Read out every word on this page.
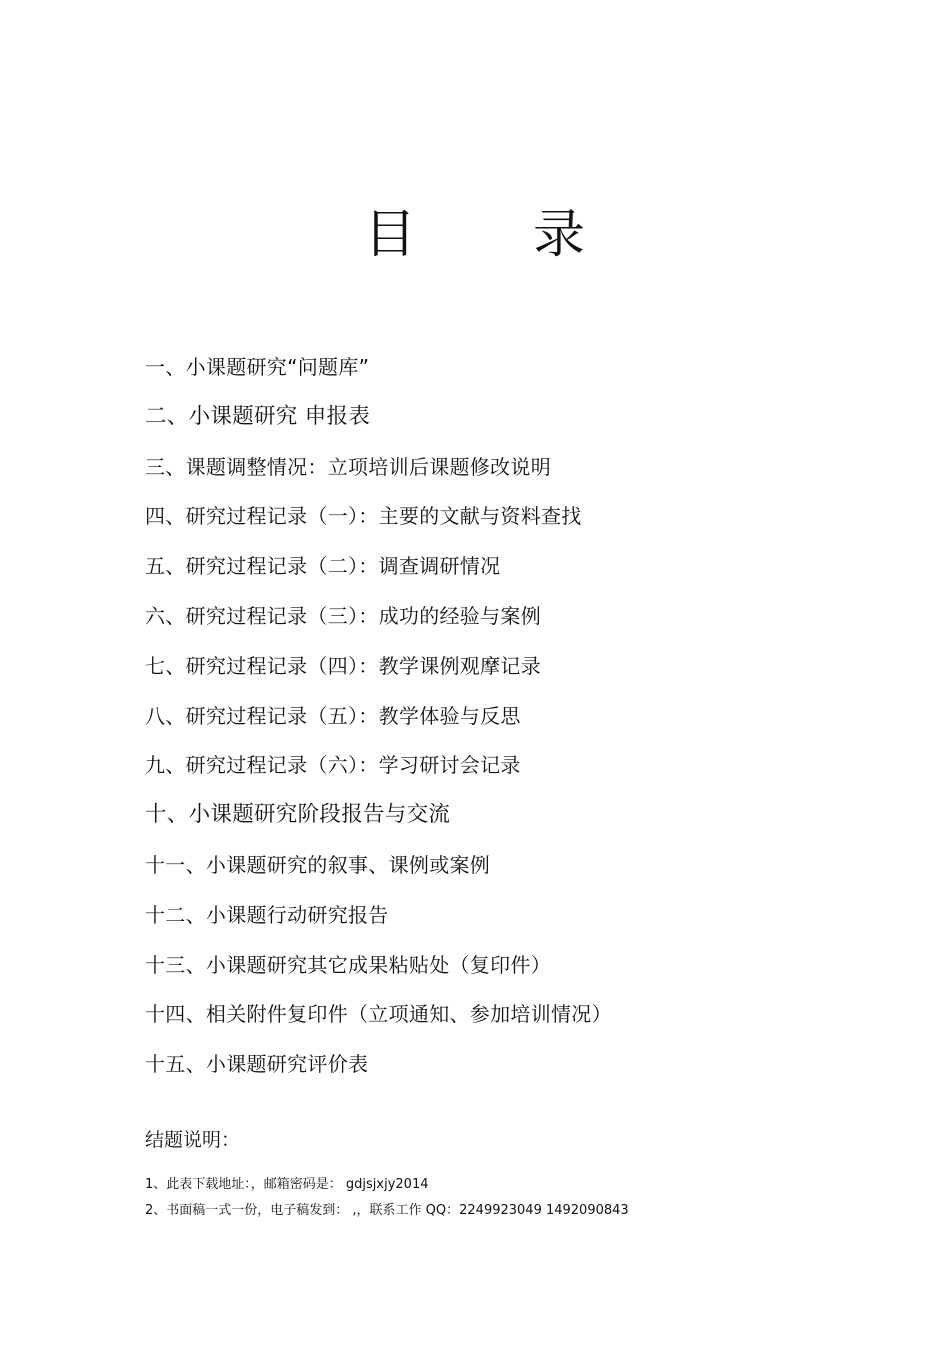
目 录
一、小课题研究“问题库”
二、小课题研究 申报表
三、课题调整情况：立项培训后课题修改说明
四、研究过程记录（一）：主要的文献与资料查找
五、研究过程记录（二）：调查调研情况
六、研究过程记录（三）：成功的经验与案例
七、研究过程记录（四）：教学课例观摩记录
八、研究过程记录（五）：教学体验与反思
九、研究过程记录（六）：学习研讨会记录
十、小课题研究阶段报告与交流
十一、小课题研究的叙事、课例或案例
十二、小课题行动研究报告
十三、小课题研究其它成果粘贴处（复印件）
十四、相关附件复印件（立项通知、参加培训情况）
十五、小课题研究评价表
结题说明：
1、此表下载地址：，邮箱密码是： gdjsjxjy2014
2、书面稿一式一份，电子稿发到： ,，联系工作 QQ：2249923049 1492090843
